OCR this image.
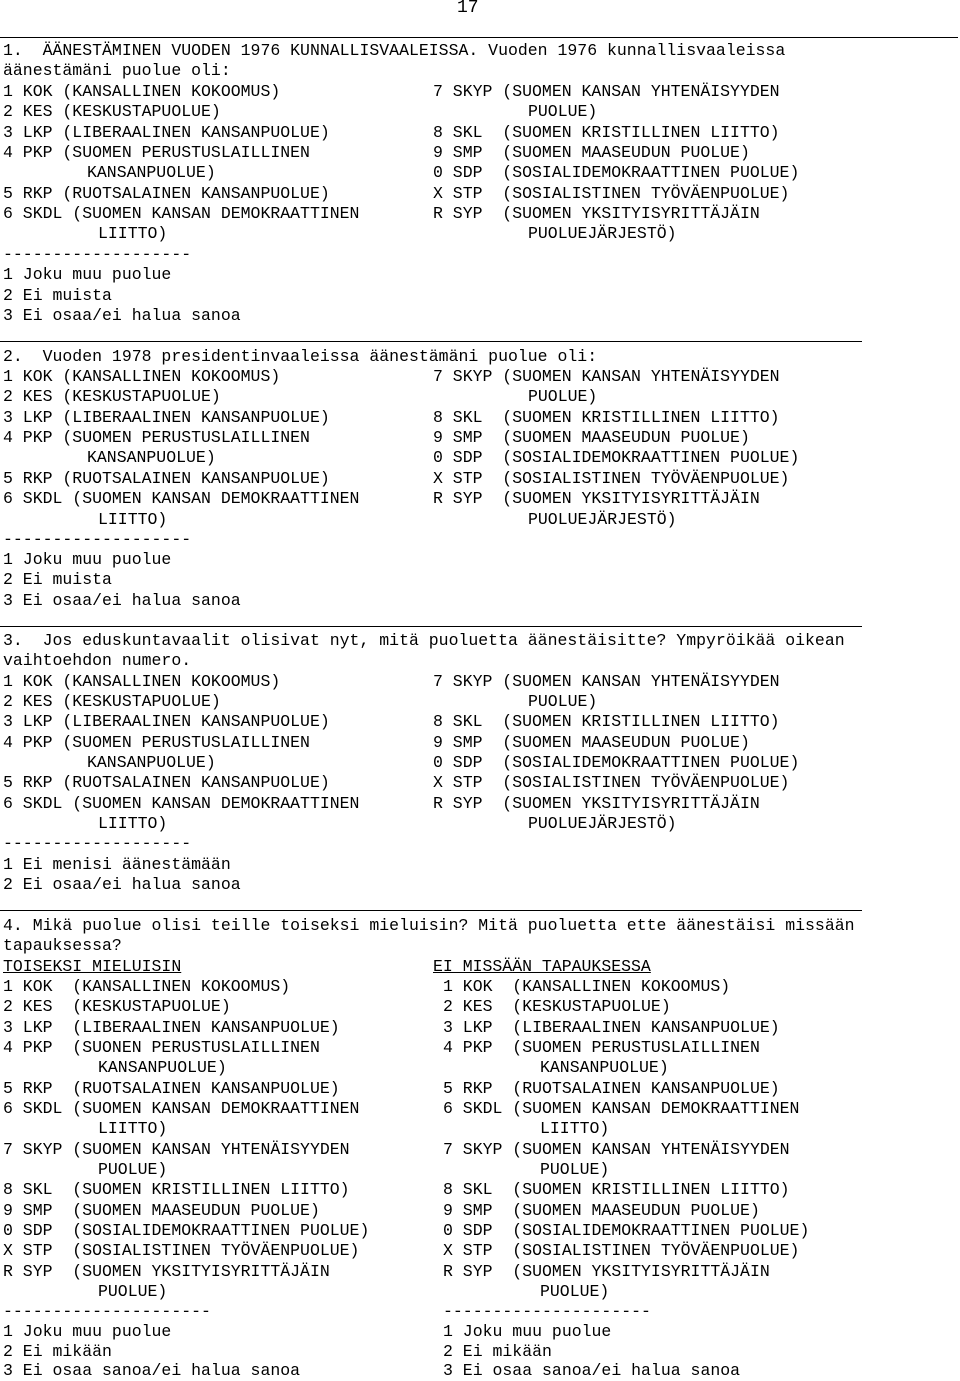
17
1.  ÄÄNESTÄMINEN VUODEN 1976 KUNNALLISVAALEISSA. Vuoden 1976 kunnallisvaaleissa
äänestämäni puolue oli:
1 KOK (KANSALLINEN KOKOOMUS)	7 SKYP (SUOMEN KANSAN YHTENÄISYYDEN
2 KES (KESKUSTAPUOLUE)	PUOLUE)
3 LKP (LIBERAALINEN KANSANPUOLUE)	8 SKL  (SUOMEN KRISTILLINEN LIITTO)
4 PKP (SUOMEN PERUSTUSLAILLINEN	9 SMP  (SUOMEN MAASEUDUN PUOLUE)
KANSANPUOLUE)	0 SDP  (SOSIALIDEMOKRAATTINEN PUOLUE)
5 RKP (RUOTSALAINEN KANSANPUOLUE)	X STP  (SOSIALISTINEN TYÖVÄENPUOLUE)
6 SKDL (SUOMEN KANSAN DEMOKRAATTINEN	R SYP  (SUOMEN YKSITYISYRITTÄJÄIN
LIITTO)	PUOLUEJÄRJESTÖ)
-------------------
1 Joku muu puolue
2 Ei muista
3 Ei osaa/ei halua sanoa
2.  Vuoden 1978 presidentinvaaleissa äänestämäni puolue oli:
1 KOK (KANSALLINEN KOKOOMUS)	7 SKYP (SUOMEN KANSAN YHTENÄISYYDEN
2 KES (KESKUSTAPUOLUE)	PUOLUE)
3 LKP (LIBERAALINEN KANSANPUOLUE)	8 SKL  (SUOMEN KRISTILLINEN LIITTO)
4 PKP (SUOMEN PERUSTUSLAILLINEN	9 SMP  (SUOMEN MAASEUDUN PUOLUE)
KANSANPUOLUE)	0 SDP  (SOSIALIDEMOKRAATTINEN PUOLUE)
5 RKP (RUOTSALAINEN KANSANPUOLUE)	X STP  (SOSIALISTINEN TYÖVÄENPUOLUE)
6 SKDL (SUOMEN KANSAN DEMOKRAATTINEN	R SYP  (SUOMEN YKSITYISYRITTÄJÄIN
LIITTO)	PUOLUEJÄRJESTÖ)
-------------------
1 Joku muu puolue
2 Ei muista
3 Ei osaa/ei halua sanoa
3.  Jos eduskuntavaalit olisivat nyt, mitä puoluetta äänestäisitte? Ympyröikää oikean
vaihtoehdon numero.
1 KOK (KANSALLINEN KOKOOMUS)	7 SKYP (SUOMEN KANSAN YHTENÄISYYDEN
2 KES (KESKUSTAPUOLUE)	PUOLUE)
3 LKP (LIBERAALINEN KANSANPUOLUE)	8 SKL  (SUOMEN KRISTILLINEN LIITTO)
4 PKP (SUOMEN PERUSTUSLAILLINEN	9 SMP  (SUOMEN MAASEUDUN PUOLUE)
KANSANPUOLUE)	0 SDP  (SOSIALIDEMOKRAATTINEN PUOLUE)
5 RKP (RUOTSALAINEN KANSANPUOLUE)	X STP  (SOSIALISTINEN TYÖVÄENPUOLUE)
6 SKDL (SUOMEN KANSAN DEMOKRAATTINEN	R SYP  (SUOMEN YKSITYISYRITTÄJÄIN
LIITTO)	PUOLUEJÄRJESTÖ)
-------------------
1 Ei menisi äänestämään
2 Ei osaa/ei halua sanoa
4. Mikä puolue olisi teille toiseksi mieluisin? Mitä puoluetta ette äänestäisi missään
tapauksessa?
TOISEKSI MIELUISIN	EI MISSÄÄN TAPAUKSESSA
1 KOK  (KANSALLINEN KOKOOMUS)	1 KOK  (KANSALLINEN KOKOOMUS)
2 KES  (KESKUSTAPUOLUE)	2 KES  (KESKUSTAPUOLUE)
3 LKP  (LIBERAALINEN KANSANPUOLUE)	3 LKP  (LIBERAALINEN KANSANPUOLUE)
4 PKP  (SUONEN PERUSTUSLAILLINEN	4 PKP  (SUOMEN PERUSTUSLAILLINEN
KANSANPUOLUE)	KANSANPUOLUE)
5 RKP  (RUOTSALAINEN KANSANPUOLUE)	5 RKP  (RUOTSALAINEN KANSANPUOLUE)
6 SKDL (SUOMEN KANSAN DEMOKRAATTINEN	6 SKDL (SUOMEN KANSAN DEMOKRAATTINEN
LIITTO)	LIITTO)
7 SKYP (SUOMEN KANSAN YHTENÄISYYDEN	7 SKYP (SUOMEN KANSAN YHTENÄISYYDEN
PUOLUE)	PUOLUE)
8 SKL  (SUOMEN KRISTILLINEN LIITTO)	8 SKL  (SUOMEN KRISTILLINEN LIITTO)
9 SMP  (SUOMEN MAASEUDUN PUOLUE)	9 SMP  (SUOMEN MAASEUDUN PUOLUE)
0 SDP  (SOSIALIDEMOKRAATTINEN PUOLUE)	0 SDP  (SOSIALIDEMOKRAATTINEN PUOLUE)
X STP  (SOSIALISTINEN TYÖVÄENPUOLUE)	X STP  (SOSIALISTINEN TYÖVÄENPUOLUE)
R SYP  (SUOMEN YKSITYISYRITTÄJÄIN	R SYP  (SUOMEN YKSITYISYRITTÄJÄIN
PUOLUE)	PUOLUE)
---------------------	---------------------
1 Joku muu puolue	1 Joku muu puolue
2 Ei mikään	2 Ei mikään
3 Ei osaa sanoa/ei halua sanoa	3 Ei osaa sanoa/ei halua sanoa
